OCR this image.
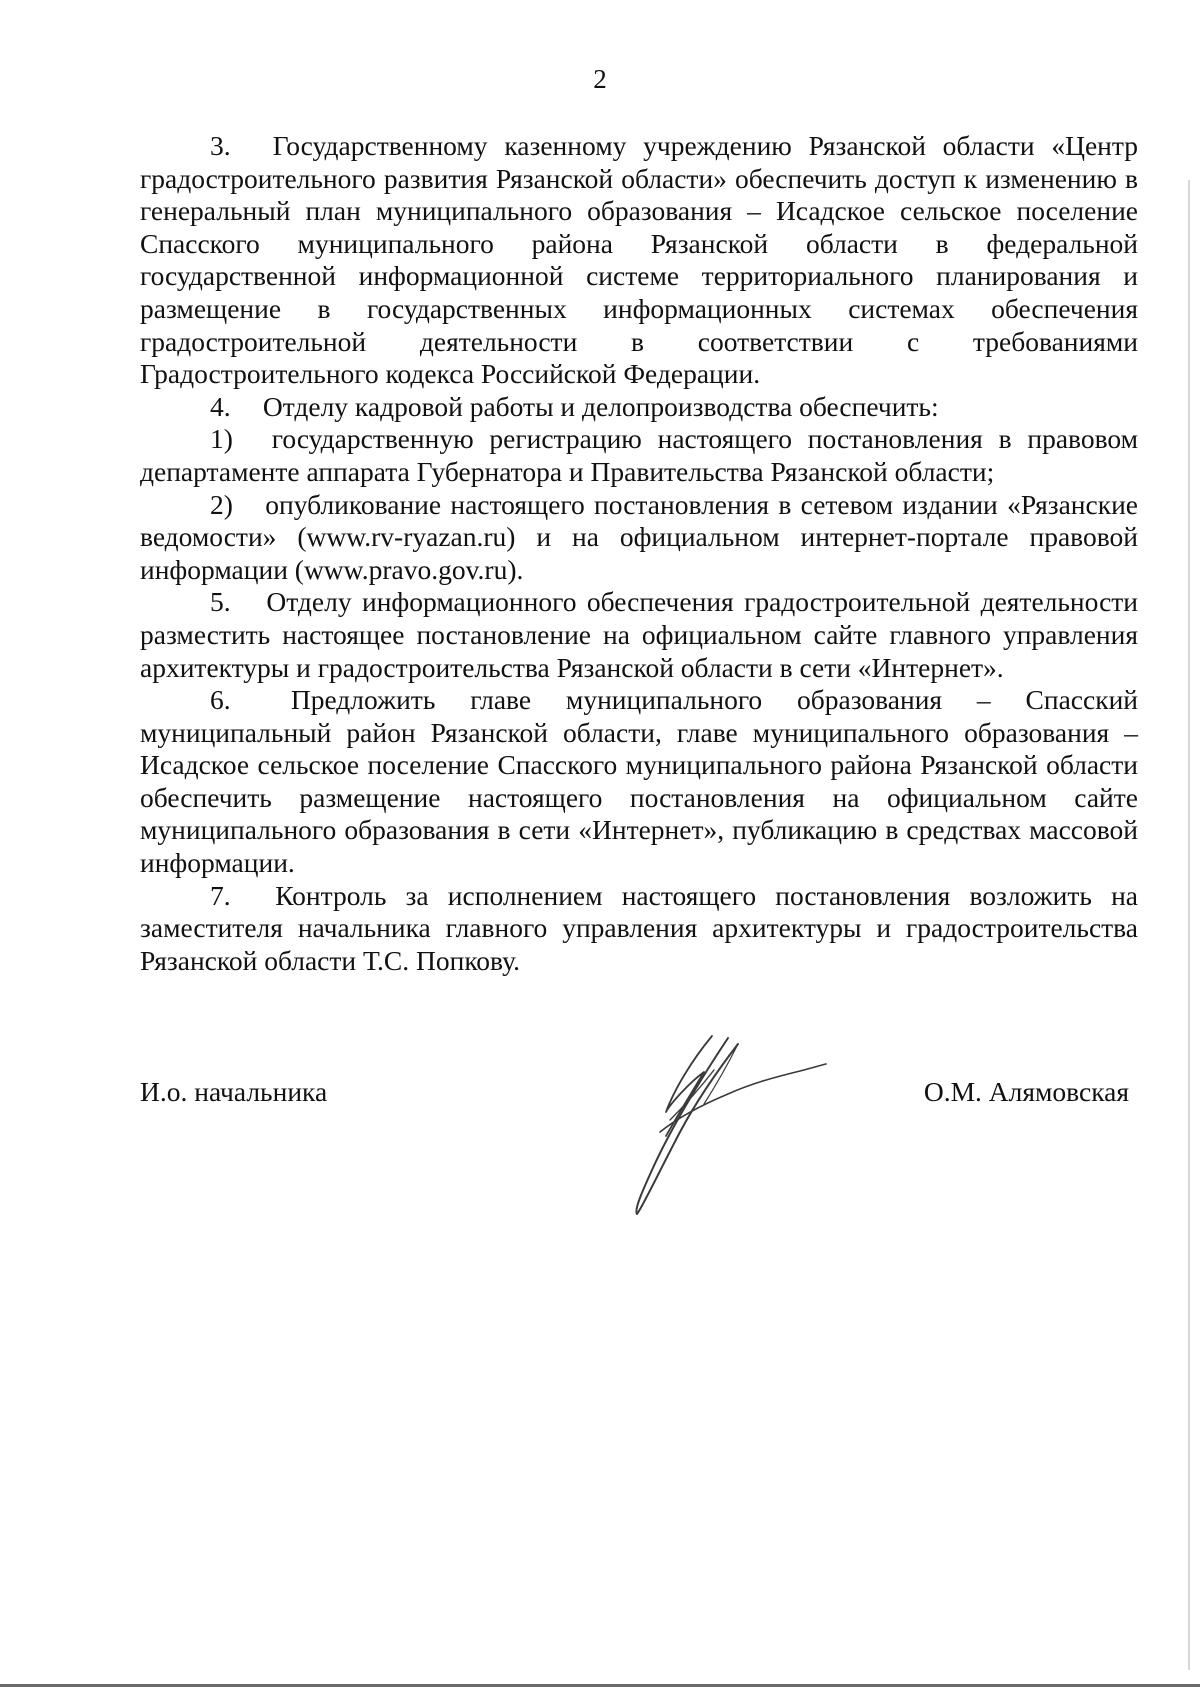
2

3. Государственному казенному учреждению Рязанской области «Центр градостроительного развития Рязанской области» обеспечить доступ к изменению в генеральный план муниципального образования – Исадское сельское поселение Спасского муниципального района Рязанской области в федеральной государственной информационной системе территориального планирования и размещение в государственных информационных системах обеспечения градостроительной деятельности в соответствии с требованиями Градостроительного кодекса Российской Федерации.

4. Отделу кадровой работы и делопроизводства обеспечить:

1) государственную регистрацию настоящего постановления в правовом департаменте аппарата Губернатора и Правительства Рязанской области;

2) опубликование настоящего постановления в сетевом издании «Рязанские ведомости» (www.rv-ryazan.ru) и на официальном интернет-портале правовой информации (www.pravo.gov.ru).

5. Отделу информационного обеспечения градостроительной деятельности разместить настоящее постановление на официальном сайте главного управления архитектуры и градостроительства Рязанской области в сети «Интернет».

6. Предложить главе муниципального образования – Спасский муниципальный район Рязанской области, главе муниципального образования – Исадское сельское поселение Спасского муниципального района Рязанской области обеспечить размещение настоящего постановления на официальном сайте муниципального образования в сети «Интернет», публикацию в средствах массовой информации.

7. Контроль за исполнением настоящего постановления возложить на заместителя начальника главного управления архитектуры и градостроительства Рязанской области Т.С. Попкову.

И.о. начальника	О.М. Алямовская
